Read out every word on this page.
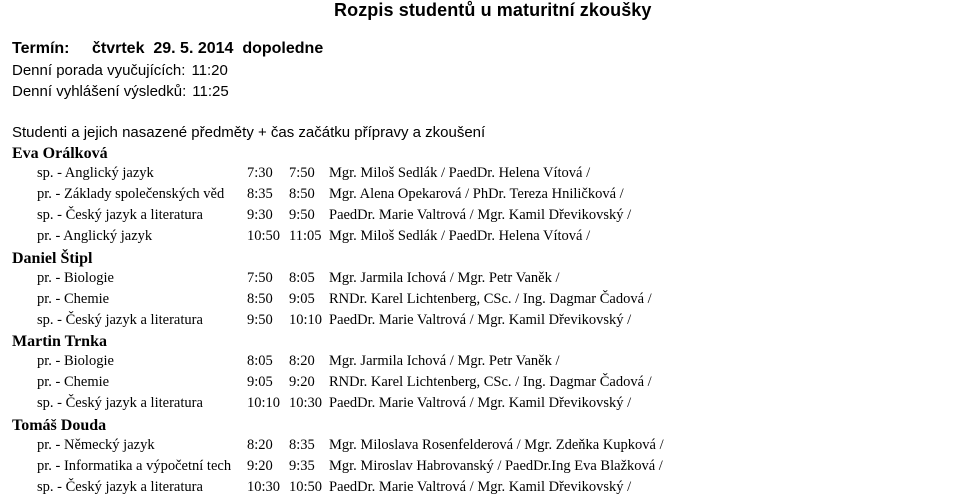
Rozpis studentů u maturitní zkoušky
Termín:	čtvrtek  29. 5. 2014  dopoledne
Denní porada vyučujících: 11:20
Denní vyhlášení výsledků: 11:25
Studenti a jejich nasazené předměty + čas začátku přípravy a zkoušení
Eva Orálková
sp. - Anglický jazyk	7:30 7:50 Mgr. Miloš Sedlák / PaedDr. Helena Vítová /
pr. - Základy společenských věd 8:35 8:50 Mgr. Alena Opekarová / PhDr. Tereza Hniličková /
sp. - Český jazyk a literatura	9:30 9:50 PaedDr. Marie Valtrová / Mgr. Kamil Dřevikovský /
pr. - Anglický jazyk	10:50 11:05 Mgr. Miloš Sedlák / PaedDr. Helena Vítová /
Daniel Štipl
pr. - Biologie	7:50 8:05 Mgr. Jarmila Ichová / Mgr. Petr Vaněk /
pr. - Chemie	8:50 9:05 RNDr. Karel Lichtenberg, CSc. / Ing. Dagmar Čadová /
sp. - Český jazyk a literatura	9:50 10:10 PaedDr. Marie Valtrová / Mgr. Kamil Dřevikovský /
Martin Trnka
pr. - Biologie	8:05 8:20 Mgr. Jarmila Ichová / Mgr. Petr Vaněk /
pr. - Chemie	9:05 9:20 RNDr. Karel Lichtenberg, CSc. / Ing. Dagmar Čadová /
sp. - Český jazyk a literatura	10:10 10:30 PaedDr. Marie Valtrová / Mgr. Kamil Dřevikovský /
Tomáš Douda
pr. - Německý jazyk	8:20 8:35 Mgr. Miloslava Rosenfelderová / Mgr. Zdeňka Kupková /
pr. - Informatika a výpočetní tech 9:20 9:35 Mgr. Miroslav Habrovanský / PaedDr.Ing Eva Blažková /
sp. - Český jazyk a literatura	10:30 10:50 PaedDr. Marie Valtrová / Mgr. Kamil Dřevikovský /
